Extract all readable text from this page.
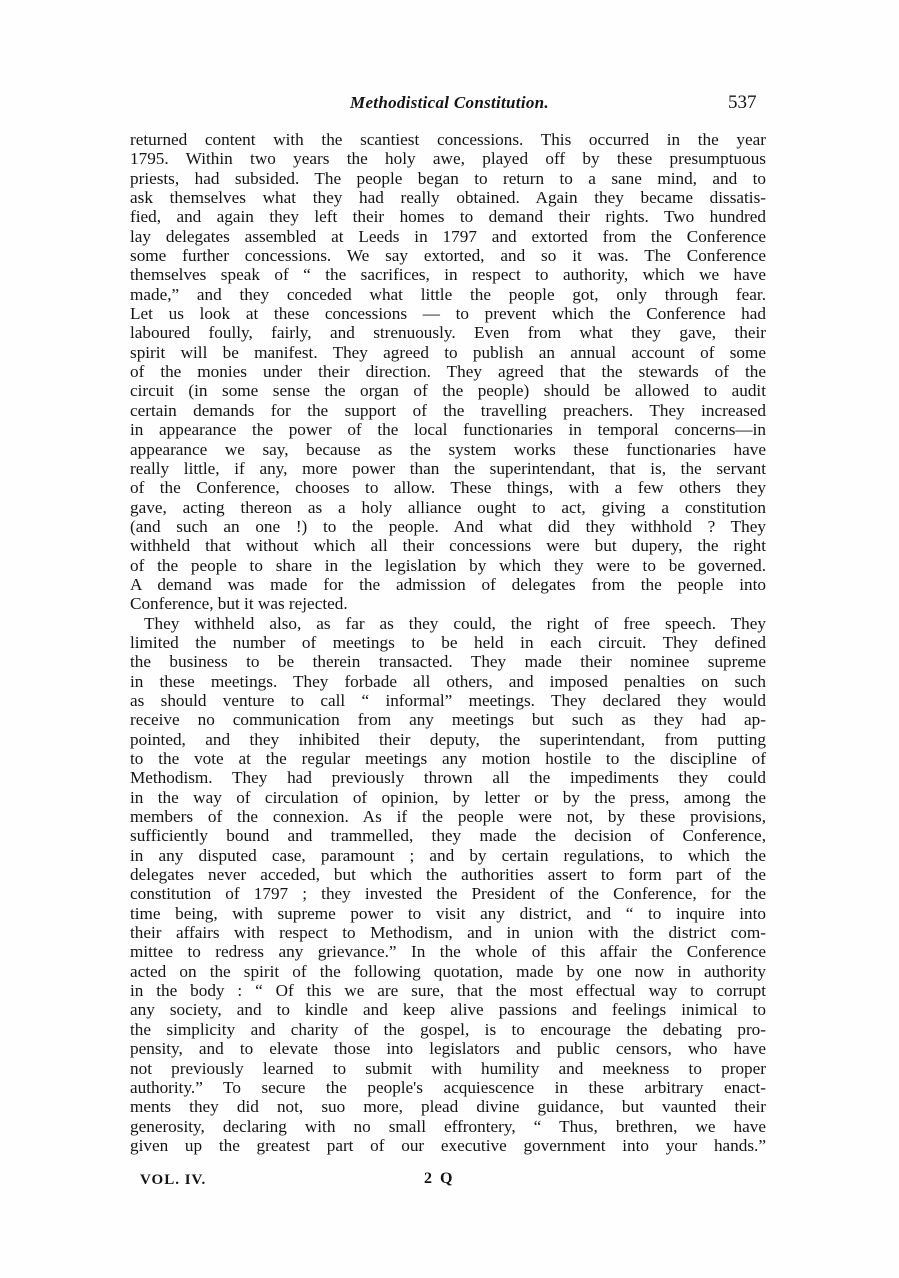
Methodistical Constitution.	537
returned content with the scantiest concessions. This occurred in the year
1795. Within two years the holy awe, played off by these presumptuous
priests, had subsided. The people began to return to a sane mind, and to
ask themselves what they had really obtained. Again they became dissatis-
fied, and again they left their homes to demand their rights. Two hundred
lay delegates assembled at Leeds in 1797 and extorted from the Conference
some further concessions. We say extorted, and so it was. The Conference
themselves speak of “ the sacrifices, in respect to authority, which we have
made,” and they conceded what little the people got, only through fear.
Let us look at these concessions — to prevent which the Conference had
laboured foully, fairly, and strenuously. Even from what they gave, their
spirit will be manifest. They agreed to publish an annual account of some
of the monies under their direction. They agreed that the stewards of the
circuit (in some sense the organ of the people) should be allowed to audit
certain demands for the support of the travelling preachers. They increased
in appearance the power of the local functionaries in temporal concerns—in
appearance we say, because as the system works these functionaries have
really little, if any, more power than the superintendant, that is, the servant
of the Conference, chooses to allow. These things, with a few others they
gave, acting thereon as a holy alliance ought to act, giving a constitution
(and such an one !) to the people. And what did they withhold ? They
withheld that without which all their concessions were but dupery, the right
of the people to share in the legislation by which they were to be governed.
A demand was made for the admission of delegates from the people into
Conference, but it was rejected.
They withheld also, as far as they could, the right of free speech. They
limited the number of meetings to be held in each circuit. They defined
the business to be therein transacted. They made their nominee supreme
in these meetings. They forbade all others, and imposed penalties on such
as should venture to call “ informal” meetings. They declared they would
receive no communication from any meetings but such as they had ap-
pointed, and they inhibited their deputy, the superintendant, from putting
to the vote at the regular meetings any motion hostile to the discipline of
Methodism. They had previously thrown all the impediments they could
in the way of circulation of opinion, by letter or by the press, among the
members of the connexion. As if the people were not, by these provisions,
sufficiently bound and trammelled, they made the decision of Conference,
in any disputed case, paramount ; and by certain regulations, to which the
delegates never acceded, but which the authorities assert to form part of the
constitution of 1797 ; they invested the President of the Conference, for the
time being, with supreme power to visit any district, and “ to inquire into
their affairs with respect to Methodism, and in union with the district com-
mittee to redress any grievance.” In the whole of this affair the Conference
acted on the spirit of the following quotation, made by one now in authority
in the body : “ Of this we are sure, that the most effectual way to corrupt
any society, and to kindle and keep alive passions and feelings inimical to
the simplicity and charity of the gospel, is to encourage the debating pro-
pensity, and to elevate those into legislators and public censors, who have
not previously learned to submit with humility and meekness to proper
authority.” To secure the people's acquiescence in these arbitrary enact-
ments they did not, suo more, plead divine guidance, but vaunted their
generosity, declaring with no small effrontery, “ Thus, brethren, we have
given up the greatest part of our executive government into your hands.”
VOL. IV.	2 Q
